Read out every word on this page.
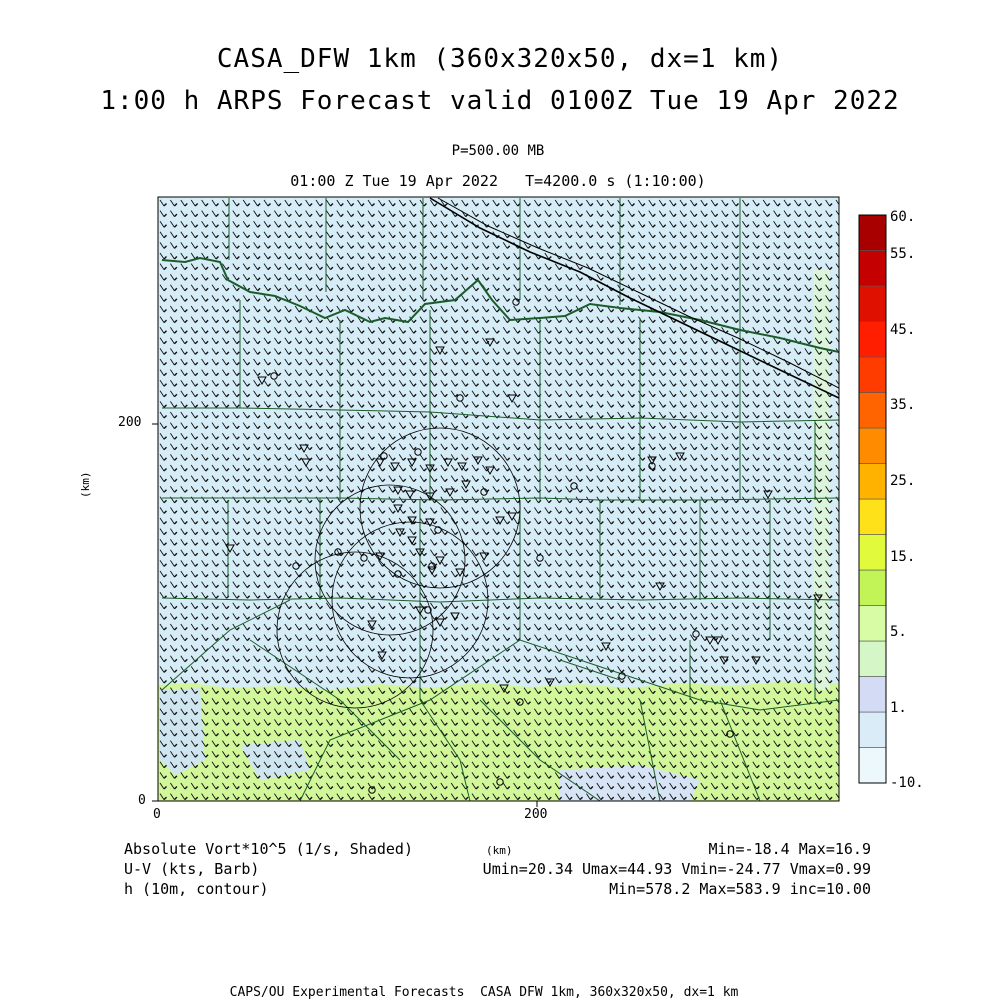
CASA_DFW 1km (360x320x50, dx=1 km)
1:00 h ARPS Forecast valid 0100Z Tue 19 Apr 2022
P=500.00 MB
01:00 Z Tue 19 Apr 2022   T=4200.0 s (1:10:00)
200
0
0	200
(km)
(km)
Absolute Vort*10^5 (1/s, Shaded)
U-V (kts, Barb)
h (10m, contour)
Min=-18.4 Max=16.9
Umin=20.34 Umax=44.93 Vmin=-24.77 Vmax=0.99
Min=578.2 Max=583.9 inc=10.00
60.
55.
45.
35.
25.
15.
5.
1.
-10.
CAPS/OU Experimental Forecasts  CASA DFW 1km, 360x320x50, dx=1 km
